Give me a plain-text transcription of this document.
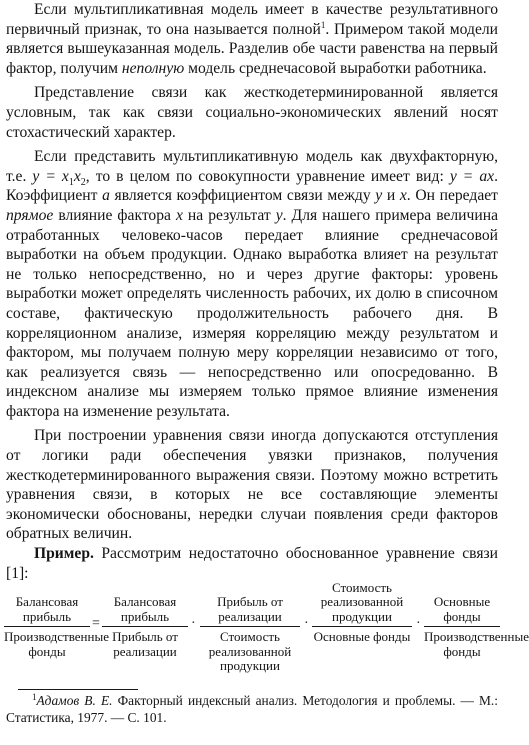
Если мультипликативная модель имеет в качестве результативного первичный признак, то она называется полной$^1$. Примером такой модели является вышеуказанная модель. Разделив обе части равенства на первый фактор, получим неполную модель среднечасовой выработки работника.

Представление связи как жесткодетерминированной является условным, так как связи социально-экономических явлений носят стохастический характер.

Если представить мультипликативную модель как двухфакторную, т.е. $y = x_1x_2$, то в целом по совокупности уравнение имеет вид: y = ax. Коэффициент a является коэффициентом связи между y и x. Он передает прямое влияние фактора x на результат y. Для нашего примера величина отработанных человеко-часов передает влияние среднечасовой выработки на объем продукции. Однако выработка влияет на результат не только непосредственно, но и через другие факторы: уровень выработки может определять численность рабочих, их долю в списочном составе, фактическую продолжительность рабочего дня. В корреляционном анализе, измеряя корреляцию между результатом и фактором, мы получаем полную меру корреляции независимо от того, как реализуется связь — непосредственно или опосредованно. В индексном анализе мы измеряем только прямое влияние изменения фактора на изменение результата.

При построении уравнения связи иногда допускаются отступления от логики ради обеспечения увязки признаков, получения жесткодетерминированного выражения связи. Поэтому можно встретить уравнения связи, в которых не все составляющие элементы экономически обоснованы, нередки случаи появления среди факторов обратных величин.

Пример. Рассмотрим недостаточно обоснованное уравнение связи [1]:

Балансовая прибыль
Производственные фонды
=
Балансовая прибыль
Прибыль от реализации
·
Прибыль от реализации
Стоимость реализованной продукции
·
Стоимость реализованной продукции
Основные фонды
·
Основные фонды
Производственные фонды
$^1$Адамов В. Е. Факторный индексный анализ. Методология и проблемы. — М.: Статистика, 1977. — С. 101.
